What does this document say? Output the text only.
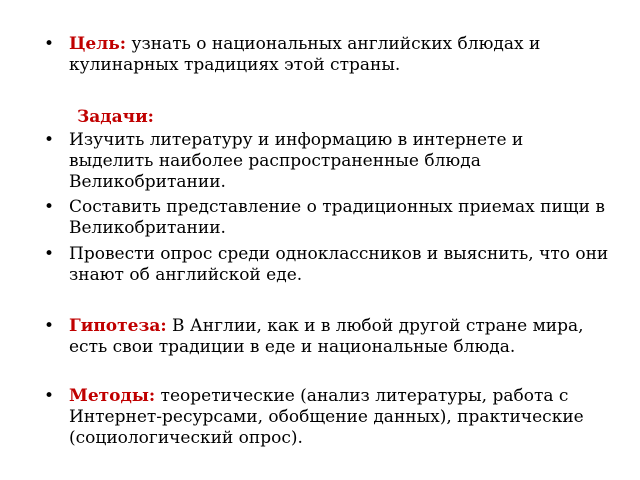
• Цель: узнать о национальных английских блюдах и кулинарных традициях этой страны.
Задачи:
• Изучить литературу и информацию в интернете и выделить наиболее распространенные блюда Великобритании.
• Составить представление о традиционных приемах пищи в Великобритании.
• Провести опрос среди одноклассников и выяснить, что они знают об английской еде.
• Гипотеза: В Англии, как и в любой другой стране мира, есть свои традиции в еде и национальные блюда.
• Методы: теоретические (анализ литературы, работа с Интернет-ресурсами, обобщение данных), практические (социологический опрос).
